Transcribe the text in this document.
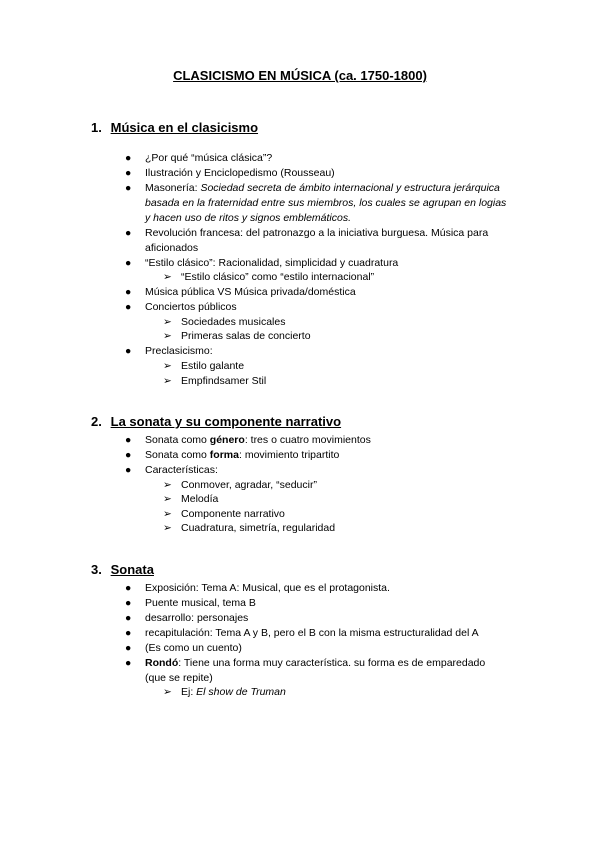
CLASICISMO EN MÚSICA (ca. 1750-1800)
1. Música en el clasicismo
●	¿Por qué “música clásica”?
●	Ilustración y Enciclopedismo (Rousseau)
●	Masonería: Sociedad secreta de ámbito internacional y estructura jerárquica
basada en la fraternidad entre sus miembros, los cuales se agrupan en logias
y hacen uso de ritos y signos emblemáticos.
●	Revolución francesa: del patronazgo a la iniciativa burguesa. Música para
aficionados
●	“Estilo clásico”: Racionalidad, simplicidad y cuadratura
➢ “Estilo clásico” como “estilo internacional”
●	Música pública VS Música privada/doméstica
●	Conciertos públicos
➢ Sociedades musicales
➢ Primeras salas de concierto
●	Preclasicismo:
➢ Estilo galante
➢ Empfindsamer Stil
2. La sonata y su componente narrativo
●	Sonata como género: tres o cuatro movimientos
●	Sonata como forma: movimiento tripartito
●	Características:
➢ Conmover, agradar, “seducir”
➢ Melodía
➢ Componente narrativo
➢ Cuadratura, simetría, regularidad
3. Sonata
●	Exposición: Tema A: Musical, que es el protagonista.
●	Puente musical, tema B
●	desarrollo: personajes
●	recapitulación: Tema A y B, pero el B con la misma estructuralidad del A
●	(Es como un cuento)
●	Rondó: Tiene una forma muy característica. su forma es de emparedado
(que se repite)
➢ Ej: El show de Truman
